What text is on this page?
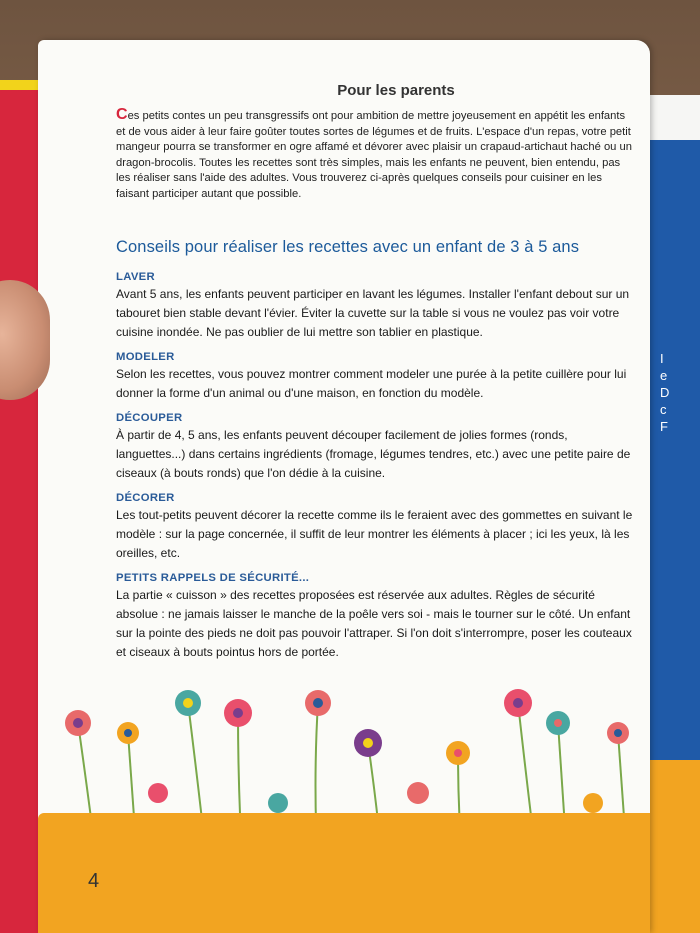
I
e
D
c
F
Pour les parents

Ces petits contes un peu transgressifs ont pour ambition de mettre joyeusement en appétit les enfants et de vous aider à leur faire goûter toutes sortes de légumes et de fruits. L'espace d'un repas, votre petit mangeur pourra se transformer en ogre affamé et dévorer avec plaisir un crapaud-artichaut haché ou un dragon-brocolis. Toutes les recettes sont très simples, mais les enfants ne peuvent, bien entendu, pas les réaliser sans l'aide des adultes. Vous trouverez ci-après quelques conseils pour cuisiner en les faisant participer autant que possible.

Conseils pour réaliser les recettes avec un enfant de 3 à 5 ans
LAVER
Avant 5 ans, les enfants peuvent participer en lavant les légumes. Installer l'enfant debout sur un tabouret bien stable devant l'évier. Éviter la cuvette sur la table si vous ne voulez pas voir votre cuisine inondée. Ne pas oublier de lui mettre son tablier en plastique.
MODELER
Selon les recettes, vous pouvez montrer comment modeler une purée à la petite cuillère pour lui donner la forme d'un animal ou d'une maison, en fonction du modèle.
DÉCOUPER
À partir de 4, 5 ans, les enfants peuvent découper facilement de jolies formes (ronds, languettes...) dans certains ingrédients (fromage, légumes tendres, etc.) avec une petite paire de ciseaux (à bouts ronds) que l'on dédie à la cuisine.
DÉCORER
Les tout-petits peuvent décorer la recette comme ils le feraient avec des gommettes en suivant le modèle : sur la page concernée, il suffit de leur montrer les éléments à placer ; ici les yeux, là les oreilles, etc.
PETITS RAPPELS DE SÉCURITÉ...
La partie « cuisson » des recettes proposées est réservée aux adultes. Règles de sécurité absolue : ne jamais laisser le manche de la poêle vers soi - mais le tourner sur le côté. Un enfant sur la pointe des pieds ne doit pas pouvoir l'attraper. Si l'on doit s'interrompre, poser les couteaux et ciseaux à bouts pointus hors de portée.
4
